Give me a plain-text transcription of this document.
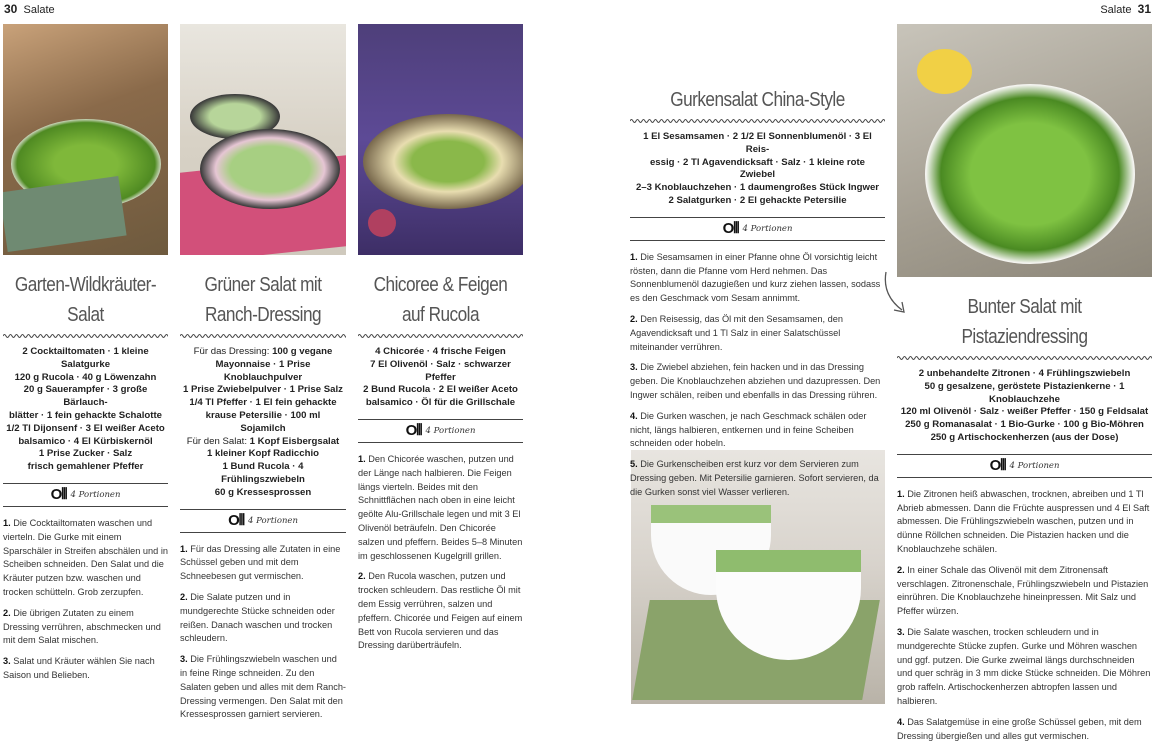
30 Salate	Salate 31
Garten-Wildkräuter-Salat
2 Cocktailtomaten · 1 kleine Salatgurke
120 g Rucola · 40 g Löwenzahn
20 g Sauerampfer · 3 große Bärlauch-
blätter · 1 fein gehackte Schalotte
1/2 Tl Dijonsenf · 3 El weißer Aceto
balsamico · 4 El Kürbiskernöl
1 Prise Zucker · Salz
frisch gemahlener Pfeffer
O⫴ 4 Portionen

1. Die Cocktailtomaten waschen und vierteln. Die Gurke mit einem Sparschäler in Streifen abschälen und in Scheiben schneiden. Den Salat und die Kräuter putzen bzw. waschen und trocken schütteln. Grob zerzupfen.

2. Die übrigen Zutaten zu einem Dressing verrühren, abschmecken und mit dem Salat mischen.

3. Salat und Kräuter wählen Sie nach Saison und Belieben.

Grüner Salat mit
Ranch-Dressing
Für das Dressing: 100 g vegane
Mayonnaise · 1 Prise Knoblauchpulver
1 Prise Zwiebelpulver · 1 Prise Salz
1/4 Tl Pfeffer · 1 El fein gehackte
krause Petersilie · 100 ml Sojamilch
Für den Salat: 1 Kopf Eisbergsalat
1 kleiner Kopf Radicchio
1 Bund Rucola · 4 Frühlingszwiebeln
60 g Kressesprossen
O⫴ 4 Portionen

1. Für das Dressing alle Zutaten in eine Schüssel geben und mit dem Schneebesen gut vermischen.

2. Die Salate putzen und in mundgerechte Stücke schneiden oder reißen. Danach waschen und trocken schleudern.

3. Die Frühlingszwiebeln waschen und in feine Ringe schneiden. Zu den Salaten geben und alles mit dem Ranch-Dressing vermengen. Den Salat mit den Kressesprossen garniert servieren.

Chicoree & Feigen
auf Rucola
4 Chicorée · 4 frische Feigen
7 El Olivenöl · Salz · schwarzer Pfeffer
2 Bund Rucola · 2 El weißer Aceto
balsamico · Öl für die Grillschale
O⫴ 4 Portionen

1. Den Chicorée waschen, putzen und der Länge nach halbieren. Die Feigen längs vierteln. Beides mit den Schnittflächen nach oben in eine leicht geölte Alu-Grillschale legen und mit 3 El Olivenöl beträufeln. Den Chicorée salzen und pfeffern. Beides 5–8 Minuten im geschlossenen Kugelgrill grillen.

2. Den Rucola waschen, putzen und trocken schleudern. Das restliche Öl mit dem Essig verrühren, salzen und pfeffern. Chicorée und Feigen auf einem Bett von Rucola servieren und das Dressing darüberträufeln.

Gurkensalat China-Style
1 El Sesamsamen · 2 1/2 El Sonnenblumenöl · 3 El Reis-
essig · 2 Tl Agavendicksaft · Salz · 1 kleine rote Zwiebel
2–3 Knoblauchzehen · 1 daumengroßes Stück Ingwer
2 Salatgurken · 2 El gehackte Petersilie
O⫴ 4 Portionen

1. Die Sesamsamen in einer Pfanne ohne Öl vorsichtig leicht rösten, dann die Pfanne vom Herd nehmen. Das Sonnenblumenöl dazugießen und kurz ziehen lassen, sodass es den Geschmack vom Sesam annimmt.

2. Den Reisessig, das Öl mit den Sesamsamen, den Agavendicksaft und 1 Tl Salz in einer Salatschüssel miteinander verrühren.

3. Die Zwiebel abziehen, fein hacken und in das Dressing geben. Die Knoblauchzehen abziehen und dazupressen. Den Ingwer schälen, reiben und ebenfalls in das Dressing rühren.

4. Die Gurken waschen, je nach Geschmack schälen oder nicht, längs halbieren, entkernen und in feine Scheiben schneiden oder hobeln.

5. Die Gurkenscheiben erst kurz vor dem Servieren zum Dressing geben. Mit Petersilie garnieren. Sofort servieren, da die Gurken sonst viel Wasser verlieren.

Bunter Salat mit Pistaziendressing
2 unbehandelte Zitronen · 4 Frühlingszwiebeln
50 g gesalzene, geröstete Pistazienkerne · 1 Knoblauchzehe
120 ml Olivenöl · Salz · weißer Pfeffer · 150 g Feldsalat
250 g Romanasalat · 1 Bio-Gurke · 100 g Bio-Möhren
250 g Artischockenherzen (aus der Dose)
O⫴ 4 Portionen

1. Die Zitronen heiß abwaschen, trocknen, abreiben und 1 Tl Abrieb abmessen. Dann die Früchte auspressen und 4 El Saft abmessen. Die Frühlingszwiebeln waschen, putzen und in dünne Röllchen schneiden. Die Pistazien hacken und die Knoblauchzehe schälen.

2. In einer Schale das Olivenöl mit dem Zitronensaft verschlagen. Zitronenschale, Frühlingszwiebeln und Pistazien einrühren. Die Knoblauchzehe hineinpressen. Mit Salz und Pfeffer würzen.

3. Die Salate waschen, trocken schleudern und in mundgerechte Stücke zupfen. Gurke und Möhren waschen und ggf. putzen. Die Gurke zweimal längs durchschneiden und quer schräg in 3 mm dicke Stücke schneiden. Die Möhren grob raffeln. Artischockenherzen abtropfen lassen und halbieren.

4. Das Salatgemüse in eine große Schüssel geben, mit dem Dressing übergießen und alles gut vermischen.
